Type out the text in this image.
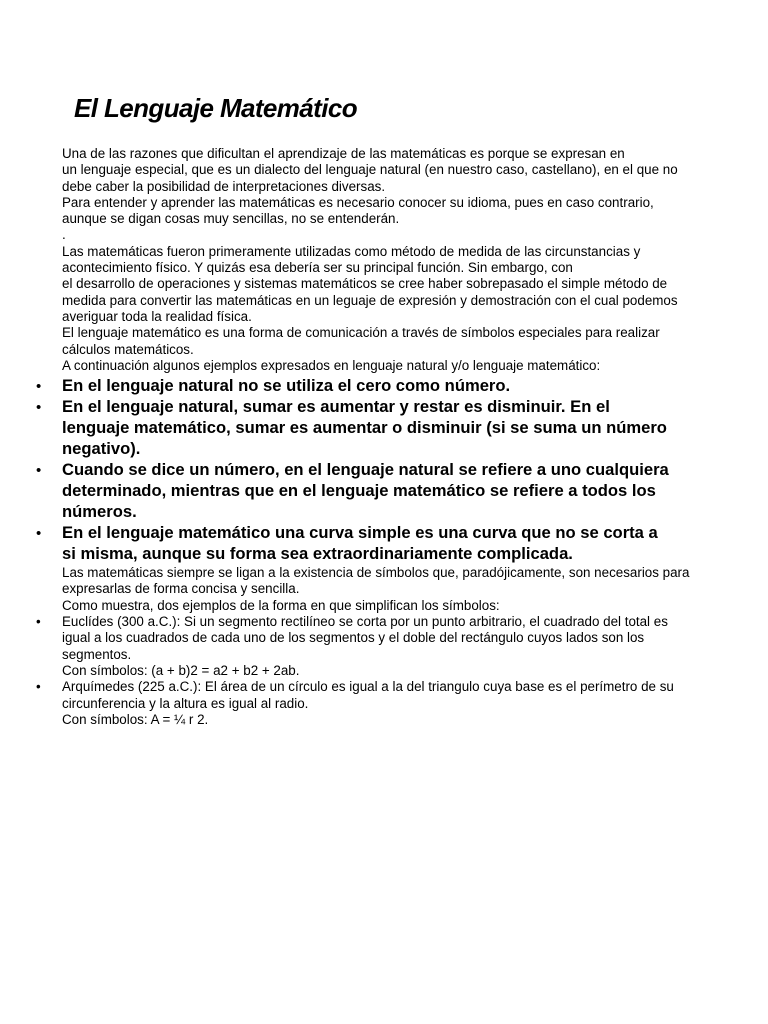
El Lenguaje Matemático
Una de las razones que dificultan el aprendizaje de las matemáticas es porque se expresan en
un lenguaje especial, que es un dialecto del lenguaje natural (en nuestro caso, castellano), en el que no
debe caber la posibilidad de interpretaciones diversas.
Para entender y aprender las matemáticas es necesario conocer su idioma, pues en caso contrario,
aunque se digan cosas muy sencillas, no se entenderán.
.
Las matemáticas fueron primeramente utilizadas como método de medida de las circunstancias y
acontecimiento físico. Y quizás esa debería ser su principal función. Sin embargo, con
el desarrollo de operaciones y sistemas matemáticos se cree haber sobrepasado el simple método de
medida para convertir las matemáticas en un leguaje de expresión y demostración con el cual podemos
averiguar toda la realidad física.
El lenguaje matemático es una forma de comunicación a través de símbolos especiales para realizar
cálculos matemáticos.
A continuación algunos ejemplos expresados en lenguaje natural y/o lenguaje matemático:
• En el lenguaje natural no se utiliza el cero como número.
• En el lenguaje natural, sumar es aumentar y restar es disminuir. En el
lenguaje matemático, sumar es aumentar o disminuir (si se suma un número
negativo).
• Cuando se dice un número, en el lenguaje natural se refiere a uno cualquiera
determinado, mientras que en el lenguaje matemático se refiere a todos los
números.
• En el lenguaje matemático una curva simple es una curva que no se corta a
si misma, aunque su forma sea extraordinariamente complicada.
Las matemáticas siempre se ligan a la existencia de símbolos que, paradójicamente, son necesarios para
expresarlas de forma concisa y sencilla.
Como muestra, dos ejemplos de la forma en que simplifican los símbolos:
• Euclídes (300 a.C.): Si un segmento rectilíneo se corta por un punto arbitrario, el cuadrado del total es
igual a los cuadrados de cada uno de los segmentos y el doble del rectángulo cuyos lados son los
segmentos.
Con símbolos: (a + b)2 = a2 + b2 + 2ab.
• Arquímedes (225 a.C.): El área de un círculo es igual a la del triangulo cuya base es el perímetro de su
circunferencia y la altura es igual al radio.
Con símbolos: A = ¼ r 2.
